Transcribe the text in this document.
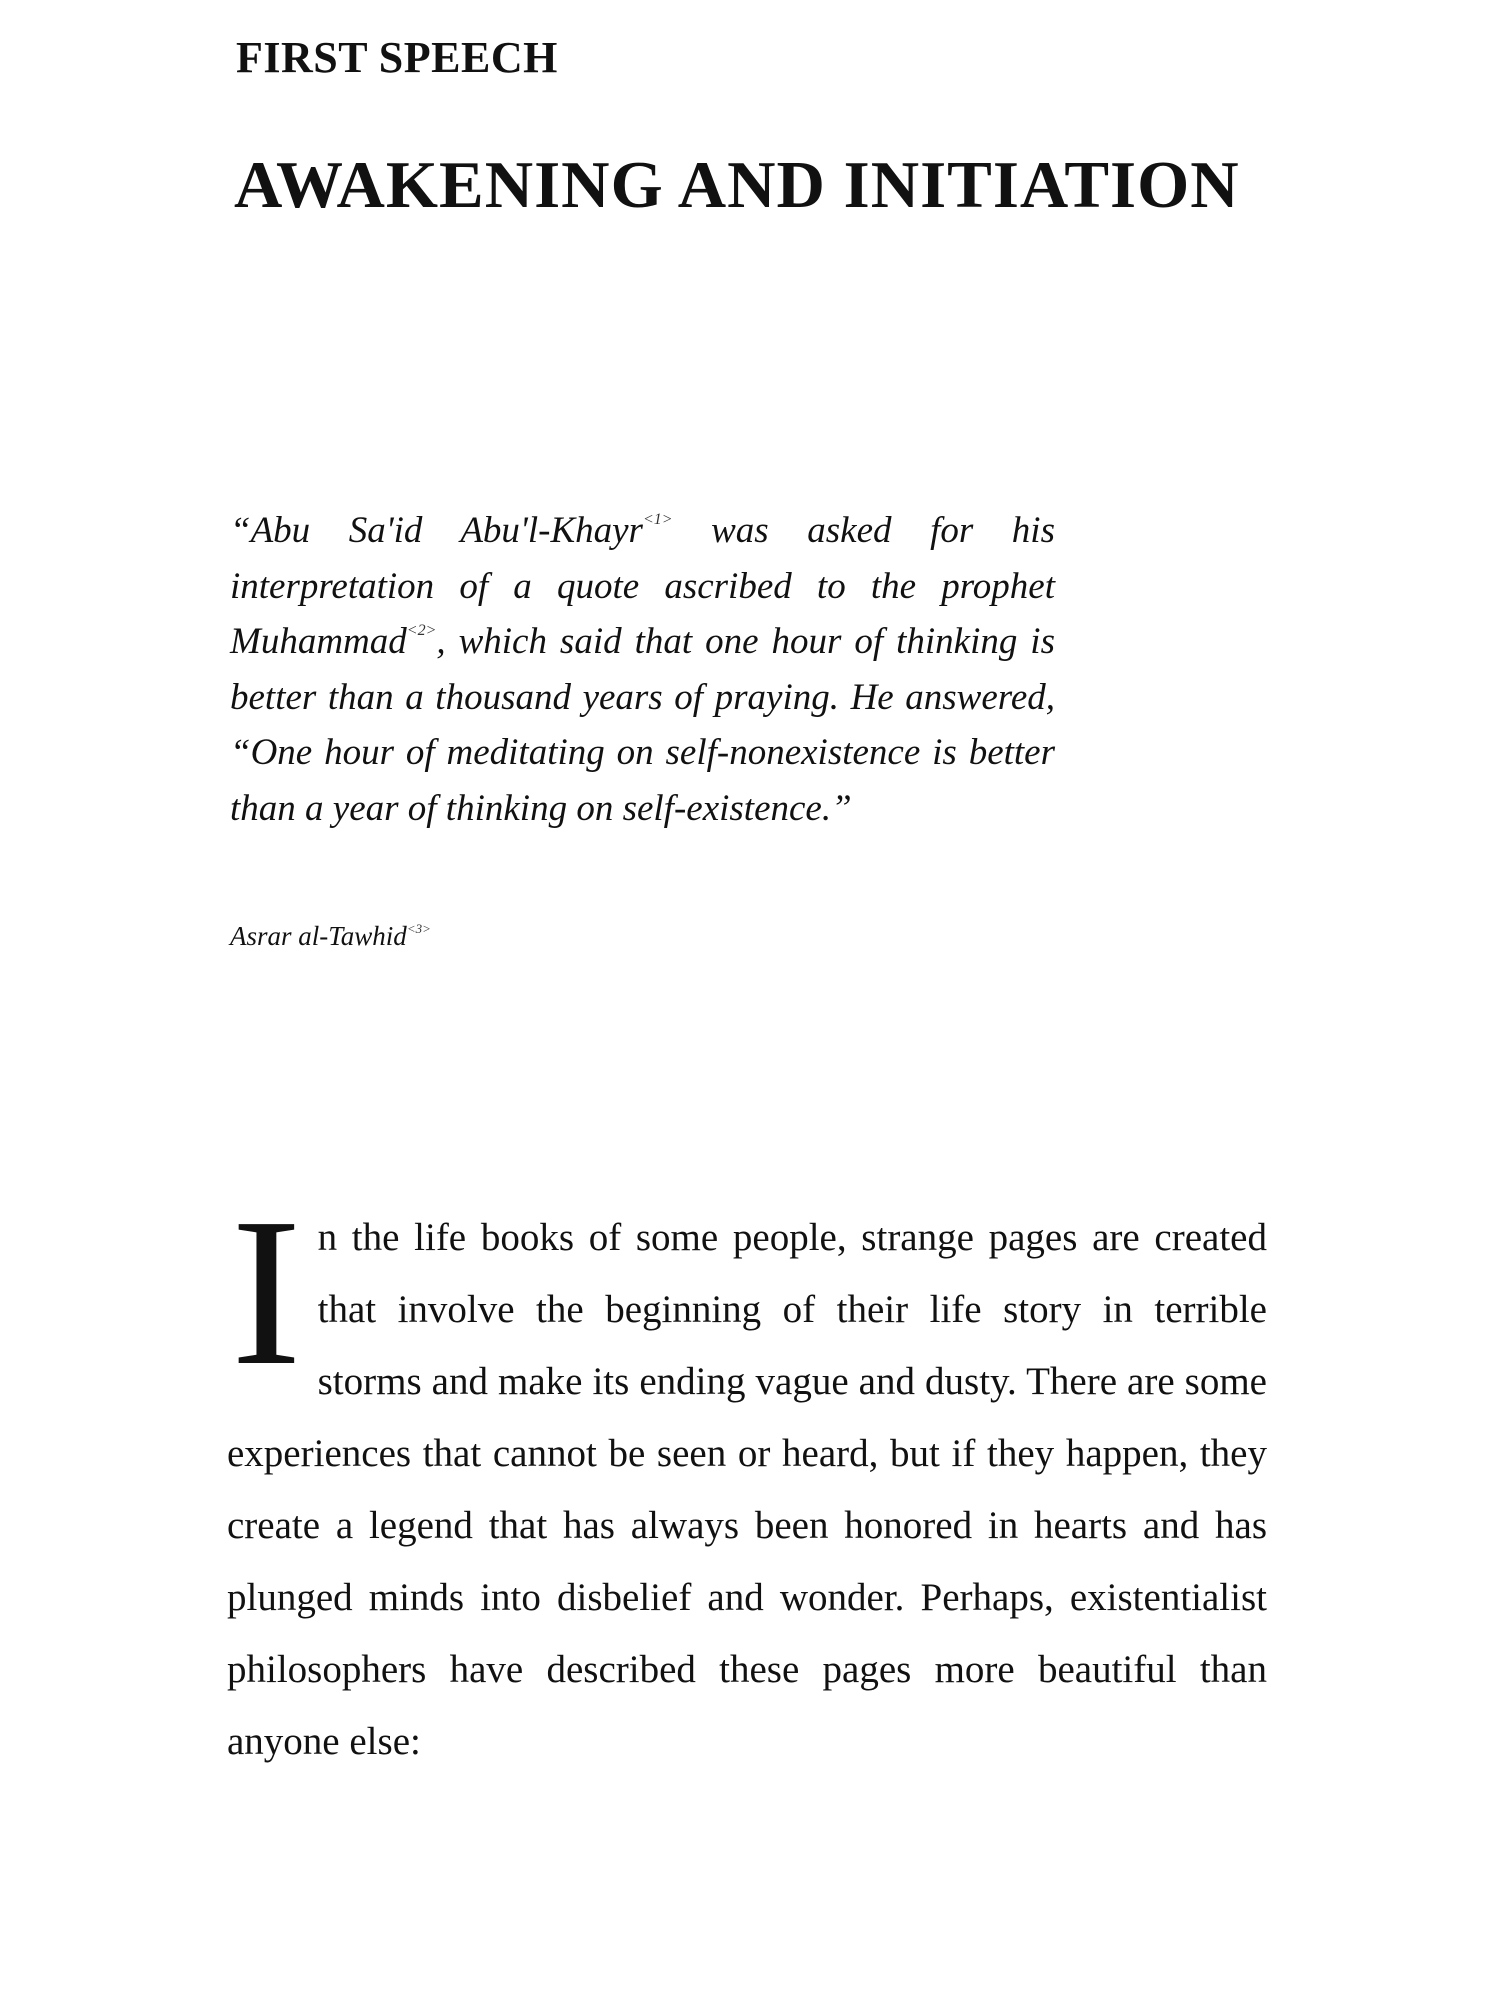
FIRST SPEECH
AWAKENING AND INITIATION

“Abu Sa'id Abu'l-Khayr$^{<1>}$ was asked for his interpretation of a quote ascribed to the prophet Muhammad$^{<2>}$, which said that one hour of thinking is better than a thousand years of praying. He answered, “One hour of meditating on self-nonexistence is better than a year of thinking on self-existence.”

Asrar al-Tawhid$^{<3>}$

In the life books of some people, strange pages are created that involve the beginning of their life story in terrible storms and make its ending vague and dusty. There are some experiences that cannot be seen or heard, but if they happen, they create a legend that has always been honored in hearts and has plunged minds into disbelief and wonder. Perhaps, existentialist philosophers have described these pages more beautiful than anyone else:
